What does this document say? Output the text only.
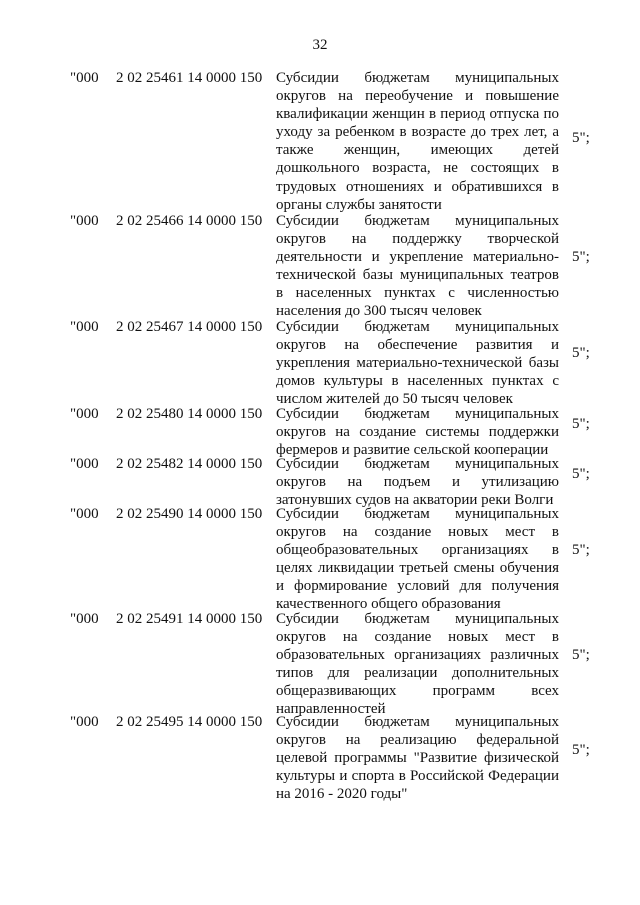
32
"000 2 02 25461 14 0000 150 Субсидии бюджетам муниципальных округов на переобучение и повышение квалификации женщин в период отпуска по уходу за ребенком в возрасте до трех лет, а также женщин, имеющих детей дошкольного возраста, не состоящих в трудовых отношениях и обратившихся в органы службы занятости
5";
"000 2 02 25466 14 0000 150 Субсидии бюджетам муниципальных округов на поддержку творческой деятельности и укрепление материально-технической базы муниципальных театров в населенных пунктах с численностью населения до 300 тысяч человек
5";
"000 2 02 25467 14 0000 150 Субсидии бюджетам муниципальных округов на обеспечение развития и укрепления материально-технической базы домов культуры в населенных пунктах с числом жителей до 50 тысяч человек
5";
"000 2 02 25480 14 0000 150 Субсидии бюджетам муниципальных округов на создание системы поддержки фермеров и развитие сельской кооперации
5";
"000 2 02 25482 14 0000 150 Субсидии бюджетам муниципальных округов на подъем и утилизацию затонувших судов на акватории реки Волги
5";
"000 2 02 25490 14 0000 150 Субсидии бюджетам муниципальных округов на создание новых мест в общеобразовательных организациях в целях ликвидации третьей смены обучения и формирование условий для получения качественного общего образования
5";
"000 2 02 25491 14 0000 150 Субсидии бюджетам муниципальных округов на создание новых мест в образовательных организациях различных типов для реализации дополнительных общеразвивающих программ всех направленностей
5";
"000 2 02 25495 14 0000 150 Субсидии бюджетам муниципальных округов на реализацию федеральной целевой программы "Развитие физической культуры и спорта в Российской Федерации на 2016 - 2020 годы"
5";
